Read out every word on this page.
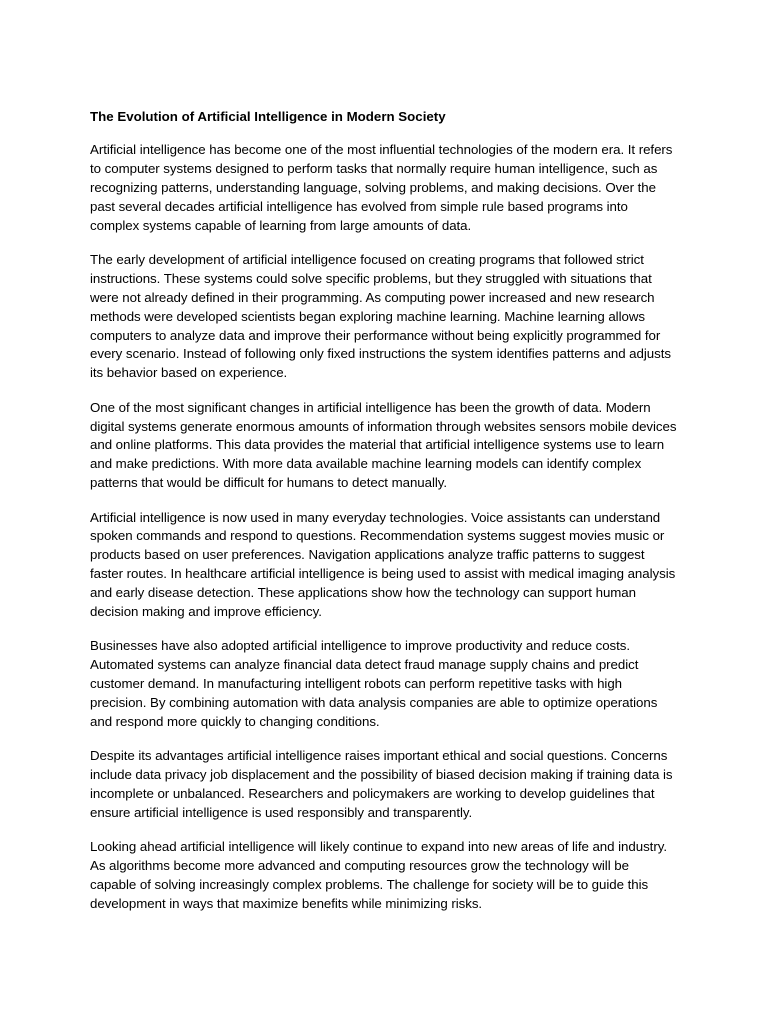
The Evolution of Artificial Intelligence in Modern Society

Artificial intelligence has become one of the most influential technologies of the modern era. It refers to computer systems designed to perform tasks that normally require human intelligence, such as recognizing patterns, understanding language, solving problems, and making decisions. Over the past several decades artificial intelligence has evolved from simple rule based programs into complex systems capable of learning from large amounts of data.

The early development of artificial intelligence focused on creating programs that followed strict instructions. These systems could solve specific problems, but they struggled with situations that were not already defined in their programming. As computing power increased and new research methods were developed scientists began exploring machine learning. Machine learning allows computers to analyze data and improve their performance without being explicitly programmed for every scenario. Instead of following only fixed instructions the system identifies patterns and adjusts its behavior based on experience.

One of the most significant changes in artificial intelligence has been the growth of data. Modern digital systems generate enormous amounts of information through websites sensors mobile devices and online platforms. This data provides the material that artificial intelligence systems use to learn and make predictions. With more data available machine learning models can identify complex patterns that would be difficult for humans to detect manually.

Artificial intelligence is now used in many everyday technologies. Voice assistants can understand spoken commands and respond to questions. Recommendation systems suggest movies music or products based on user preferences. Navigation applications analyze traffic patterns to suggest faster routes. In healthcare artificial intelligence is being used to assist with medical imaging analysis and early disease detection. These applications show how the technology can support human decision making and improve efficiency.

Businesses have also adopted artificial intelligence to improve productivity and reduce costs. Automated systems can analyze financial data detect fraud manage supply chains and predict customer demand. In manufacturing intelligent robots can perform repetitive tasks with high precision. By combining automation with data analysis companies are able to optimize operations and respond more quickly to changing conditions.

Despite its advantages artificial intelligence raises important ethical and social questions. Concerns include data privacy job displacement and the possibility of biased decision making if training data is incomplete or unbalanced. Researchers and policymakers are working to develop guidelines that ensure artificial intelligence is used responsibly and transparently.

Looking ahead artificial intelligence will likely continue to expand into new areas of life and industry. As algorithms become more advanced and computing resources grow the technology will be capable of solving increasingly complex problems. The challenge for society will be to guide this development in ways that maximize benefits while minimizing risks.
